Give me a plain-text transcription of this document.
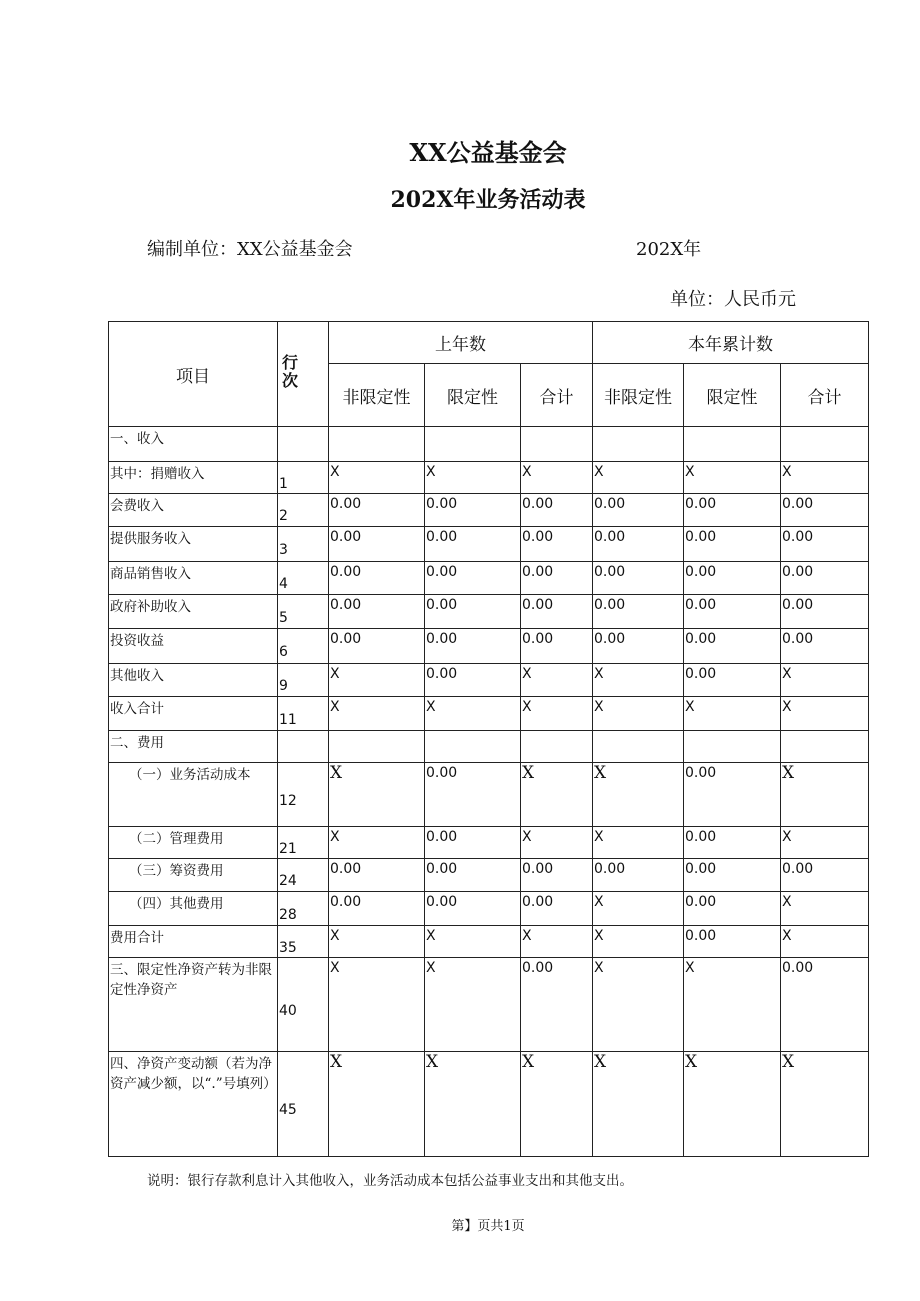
XX公益基金会
202X年业务活动表
编制单位：XX公益基金会	202X年
单位：人民币元
项目	行次	上年数			本年累计数		
		非限定性	限定性	合计	非限定性	限定性	合计
一、收入							
其中：捐赠收入	1	X	X	X	X	X	X
会费收入	2	0.00	0.00	0.00	0.00	0.00	0.00
提供服务收入	3	0.00	0.00	0.00	0.00	0.00	0.00
商品销售收入	4	0.00	0.00	0.00	0.00	0.00	0.00
政府补助收入	5	0.00	0.00	0.00	0.00	0.00	0.00
投资收益	6	0.00	0.00	0.00	0.00	0.00	0.00
其他收入	9	X	0.00	X	X	0.00	X
收入合计	11	X	X	X	X	X	X
二、费用							
（一）业务活动成本	12	X	0.00	X	X	0.00	X
（二）管理费用	21	X	0.00	X	X	0.00	X
（三）筹资费用	24	0.00	0.00	0.00	0.00	0.00	0.00
（四）其他费用	28	0.00	0.00	0.00	X	0.00	X
费用合计	35	X	X	X	X	0.00	X
三、限定性净资产转为非限定性净资产	40	X	X	0.00	X	X	0.00
四、净资产变动额（若为净资产减少额，以“.”号填列）	45	X	X	X	X	X	X
说明：银行存款利息计入其他收入，业务活动成本包括公益事业支出和其他支出。
第】页共1页
